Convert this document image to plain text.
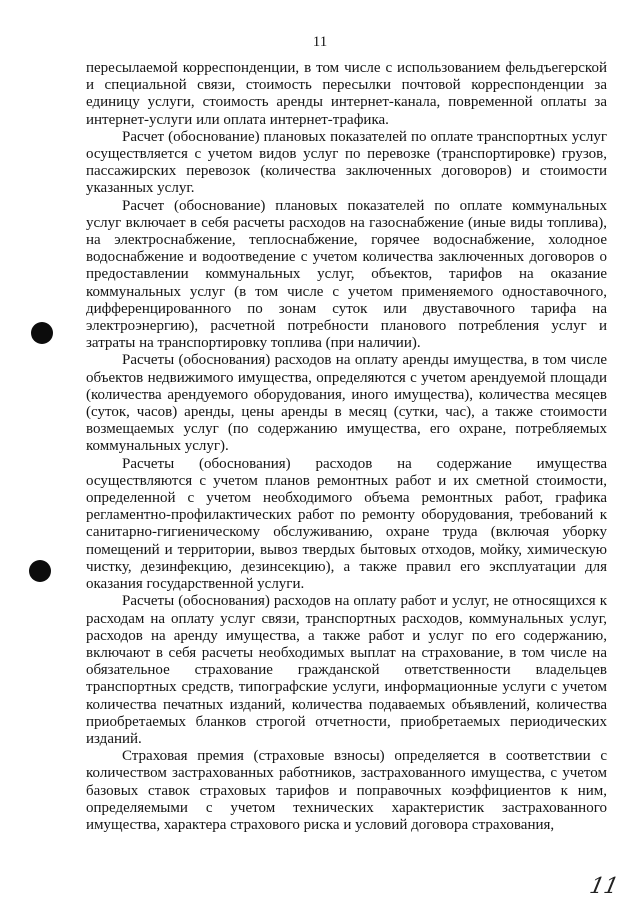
11

пересылаемой корреспонденции, в том числе с использованием фельдъегерской и специальной связи, стоимость пересылки почтовой корреспонденции за единицу услуги, стоимость аренды интернет-канала, повременной оплаты за интернет-услуги или оплата интернет-трафика.

Расчет (обоснование) плановых показателей по оплате транспортных услуг осуществляется с учетом видов услуг по перевозке (транспортировке) грузов, пассажирских перевозок (количества заключенных договоров) и стоимости указанных услуг.

Расчет (обоснование) плановых показателей по оплате коммунальных услуг включает в себя расчеты расходов на газоснабжение (иные виды топлива), на электроснабжение, теплоснабжение, горячее водоснабжение, холодное водоснабжение и водоотведение с учетом количества заключенных договоров о предоставлении коммунальных услуг, объектов, тарифов на оказание коммунальных услуг (в том числе с учетом применяемого одноставочного, дифференцированного по зонам суток или двуставочного тарифа на электроэнергию), расчетной потребности планового потребления услуг и затраты на транспортировку топлива (при наличии).

Расчеты (обоснования) расходов на оплату аренды имущества, в том числе объектов недвижимого имущества, определяются с учетом арендуемой площади (количества арендуемого оборудования, иного имущества), количества месяцев (суток, часов) аренды, цены аренды в месяц (сутки, час), а также стоимости возмещаемых услуг (по содержанию имущества, его охране, потребляемых коммунальных услуг).

Расчеты (обоснования) расходов на содержание имущества осуществляются с учетом планов ремонтных работ и их сметной стоимости, определенной с учетом необходимого объема ремонтных работ, графика регламентно-профилактических работ по ремонту оборудования, требований к санитарно-гигиеническому обслуживанию, охране труда (включая уборку помещений и территории, вывоз твердых бытовых отходов, мойку, химическую чистку, дезинфекцию, дезинсекцию), а также правил его эксплуатации для оказания государственной услуги.

Расчеты (обоснования) расходов на оплату работ и услуг, не относящихся к расходам на оплату услуг связи, транспортных расходов, коммунальных услуг, расходов на аренду имущества, а также работ и услуг по его содержанию, включают в себя расчеты необходимых выплат на страхование, в том числе на обязательное страхование гражданской ответственности владельцев транспортных средств, типографские услуги, информационные услуги с учетом количества печатных изданий, количества подаваемых объявлений, количества приобретаемых бланков строгой отчетности, приобретаемых периодических изданий.

Страховая премия (страховые взносы) определяется в соответствии с количеством застрахованных работников, застрахованного имущества, с учетом базовых ставок страховых тарифов и поправочных коэффициентов к ним, определяемыми с учетом технических характеристик застрахованного имущества, характера страхового риска и условий договора страхования,

11
